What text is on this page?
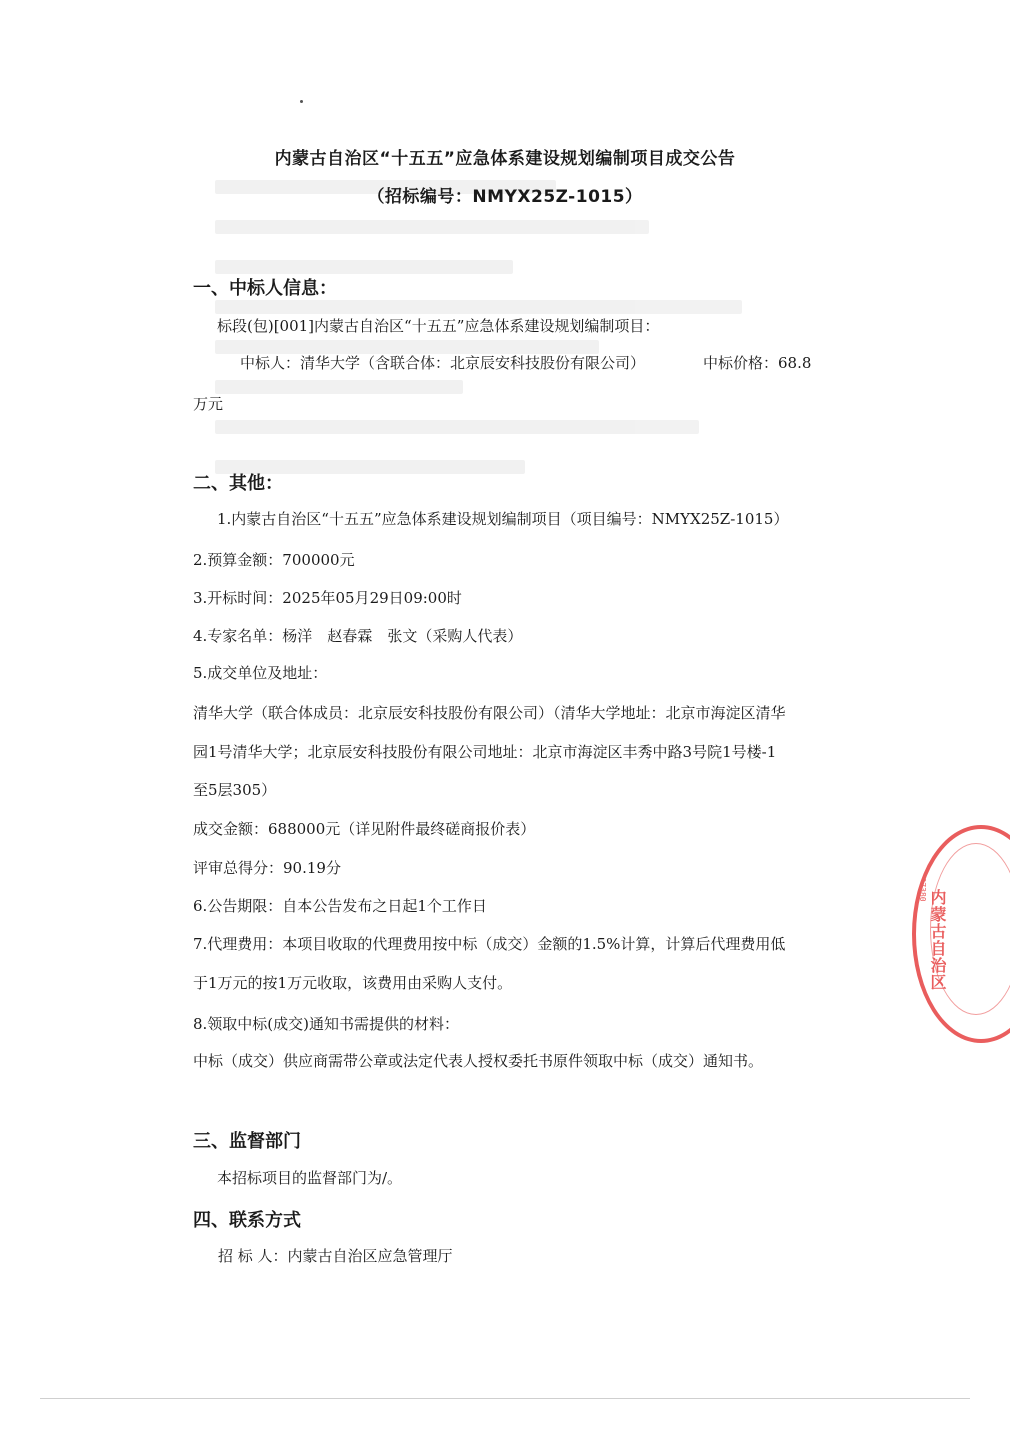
内蒙古自治区“十五五”应急体系建设规划编制项目成交公告
（招标编号：NMYX25Z-1015）
一、中标人信息：
标段(包)[001]内蒙古自治区“十五五”应急体系建设规划编制项目：
中标人：清华大学（含联合体：北京辰安科技股份有限公司）	中标价格：68.8
万元
二、其他：
1.内蒙古自治区“十五五”应急体系建设规划编制项目（项目编号：NMYX25Z-1015）
2.预算金额：700000元
3.开标时间：2025年05月29日09:00时
4.专家名单：杨洋　赵春霖　张文（采购人代表）
5.成交单位及地址：
清华大学（联合体成员：北京辰安科技股份有限公司）（清华大学地址：北京市海淀区清华
园1号清华大学；北京辰安科技股份有限公司地址：北京市海淀区丰秀中路3号院1号楼-1
至5层305）
成交金额：688000元（详见附件最终磋商报价表）
评审总得分：90.19分
6.公告期限：自本公告发布之日起1个工作日
7.代理费用：本项目收取的代理费用按中标（成交）金额的1.5%计算，计算后代理费用低
于1万元的按1万元收取，该费用由采购人支付。
8.领取中标(成交)通知书需提供的材料：
中标（成交）供应商需带公章或法定代表人授权委托书原件领取中标（成交）通知书。
三、监督部门
本招标项目的监督部门为/。
四、联系方式
招 标 人：内蒙古自治区应急管理厅
1501050007380
内蒙古自治区
